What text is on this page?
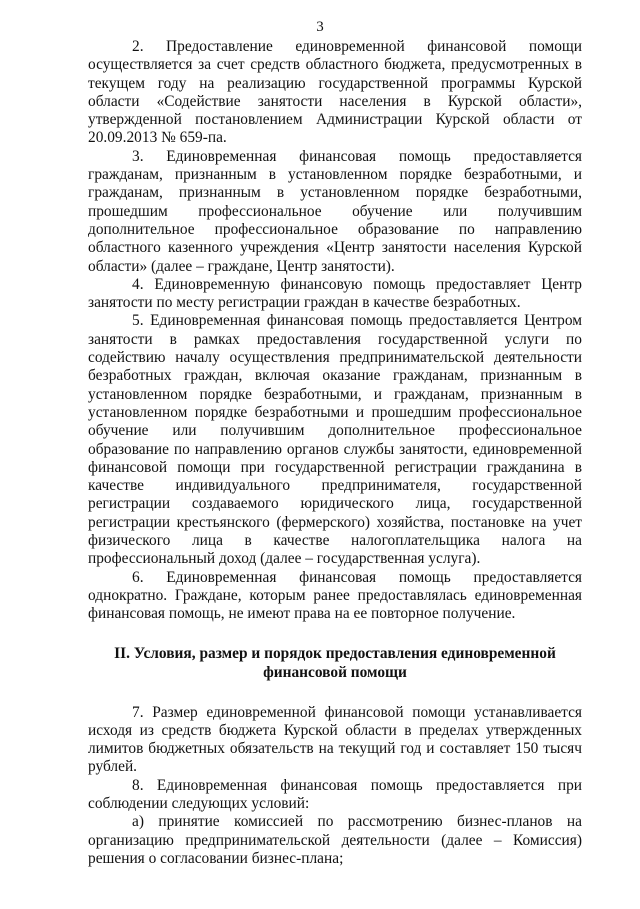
3

2. Предоставление единовременной финансовой помощи осуществляется за счет средств областного бюджета, предусмотренных в текущем году на реализацию государственной программы Курской области «Содействие занятости населения в Курской области», утвержденной постановлением Администрации Курской области от 20.09.2013 № 659-па.

3. Единовременная финансовая помощь предоставляется гражданам, признанным в установленном порядке безработными, и гражданам, признанным в установленном порядке безработными, прошедшим профессиональное обучение или получившим дополнительное профессиональное образование по направлению областного казенного учреждения «Центр занятости населения Курской области» (далее – граждане, Центр занятости).

4. Единовременную финансовую помощь предоставляет Центр занятости по месту регистрации граждан в качестве безработных.

5. Единовременная финансовая помощь предоставляется Центром занятости в рамках предоставления государственной услуги по содействию началу осуществления предпринимательской деятельности безработных граждан, включая оказание гражданам, признанным в установленном порядке безработными, и гражданам, признанным в установленном порядке безработными и прошедшим профессиональное обучение или получившим дополнительное профессиональное образование по направлению органов службы занятости, единовременной финансовой помощи при государственной регистрации гражданина в качестве индивидуального предпринимателя, государственной регистрации создаваемого юридического лица, государственной регистрации крестьянского (фермерского) хозяйства, постановке на учет физического лица в качестве налогоплательщика налога на профессиональный доход (далее – государственная услуга).

6. Единовременная финансовая помощь предоставляется однократно. Граждане, которым ранее предоставлялась единовременная финансовая помощь, не имеют права на ее повторное получение.

II. Условия, размер и порядок предоставления единовременной
финансовой помощи

7. Размер единовременной финансовой помощи устанавливается исходя из средств бюджета Курской области в пределах утвержденных лимитов бюджетных обязательств на текущий год и составляет 150 тысяч рублей.

8. Единовременная финансовая помощь предоставляется при соблюдении следующих условий:

а) принятие комиссией по рассмотрению бизнес-планов на организацию предпринимательской деятельности (далее – Комиссия) решения о согласовании бизнес-плана;
